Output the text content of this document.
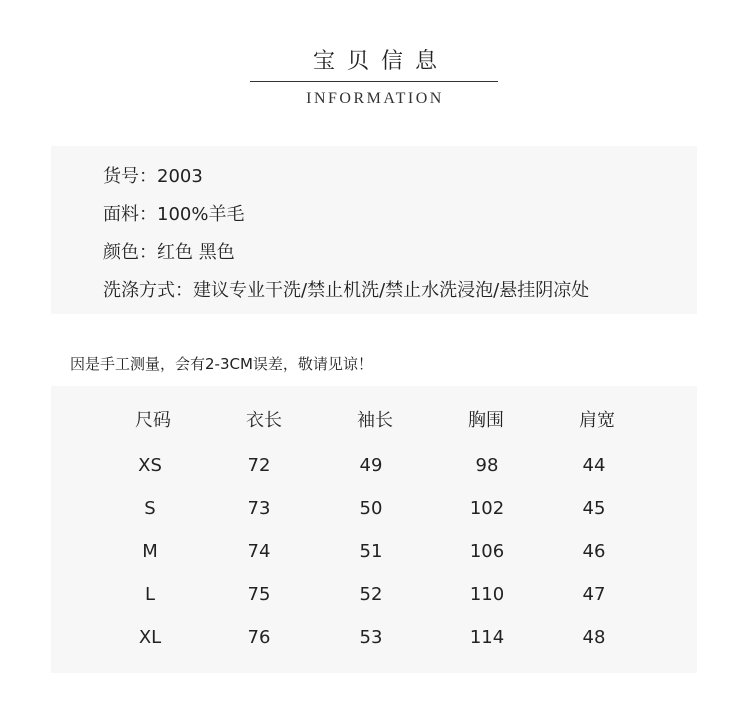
宝贝信息
INFORMATION
货号：2003
面料：100%羊毛
颜色：红色 黑色
洗涤方式：建议专业干洗/禁止机洗/禁止水洗浸泡/悬挂阴凉处
因是手工测量，会有2-3CM误差，敬请见谅！
尺码	衣长	袖长	胸围	肩宽
XS	72	49	98	44
S	73	50	102	45
M	74	51	106	46
L	75	52	110	47
XL	76	53	114	48
